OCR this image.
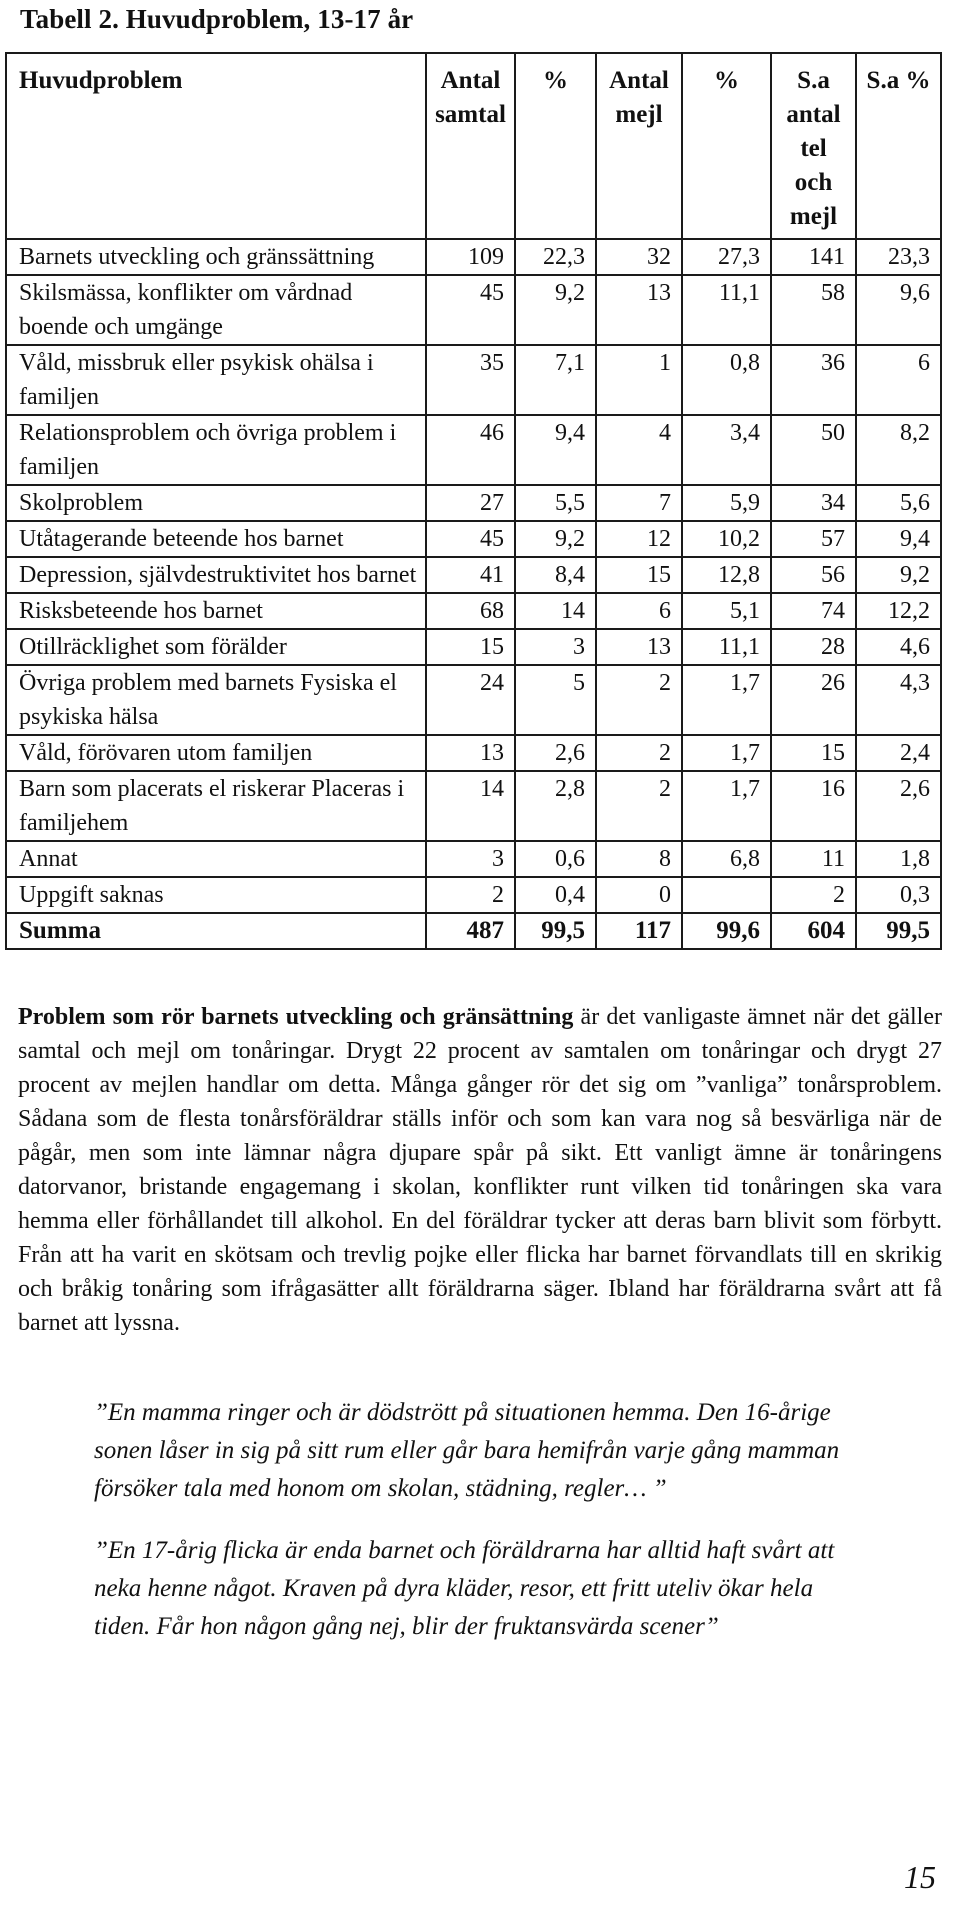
Tabell 2. Huvudproblem, 13-17 år
Huvudproblem	Antal samtal	%	Antal mejl	%	S.a antal tel och mejl	S.a %
Barnets utveckling och gränssättning	109	22,3	32	27,3	141	23,3
Skilsmässa, konflikter om vårdnad boende och umgänge	45	9,2	13	11,1	58	9,6
Våld, missbruk eller psykisk ohälsa i familjen	35	7,1	1	0,8	36	6
Relationsproblem och övriga problem i familjen	46	9,4	4	3,4	50	8,2
Skolproblem	27	5,5	7	5,9	34	5,6
Utåtagerande beteende hos barnet	45	9,2	12	10,2	57	9,4
Depression, självdestruktivitet hos barnet	41	8,4	15	12,8	56	9,2
Risksbeteende hos barnet	68	14	6	5,1	74	12,2
Otillräcklighet som förälder	15	3	13	11,1	28	4,6
Övriga problem med barnets Fysiska el psykiska hälsa	24	5	2	1,7	26	4,3
Våld, förövaren utom familjen	13	2,6	2	1,7	15	2,4
Barn som placerats el riskerar Placeras i familjehem	14	2,8	2	1,7	16	2,6
Annat	3	0,6	8	6,8	11	1,8
Uppgift saknas	2	0,4	0		2	0,3
Summa	487	99,5	117	99,6	604	99,5
Problem som rör barnets utveckling och gränsättning är det vanligaste ämnet när det gäller samtal och mejl om tonåringar. Drygt 22 procent av samtalen om tonåringar och drygt 27 procent av mejlen handlar om detta. Många gånger rör det sig om ”vanliga” tonårsproblem. Sådana som de flesta tonårsföräldrar ställs inför och som kan vara nog så besvärliga när de pågår, men som inte lämnar några djupare spår på sikt. Ett vanligt ämne är tonåringens datorvanor, bristande engagemang i skolan, konflikter runt vilken tid tonåringen ska vara hemma eller förhållandet till alkohol. En del föräldrar tycker att deras barn blivit som förbytt. Från att ha varit en skötsam och trevlig pojke eller flicka har barnet förvandlats till en skrikig och bråkig tonåring som ifrågasätter allt föräldrarna säger. Ibland har föräldrarna svårt att få barnet att lyssna.
”En mamma ringer och är dödstrött på situationen hemma. Den 16-årige sonen låser in sig på sitt rum eller går bara hemifrån varje gång mamman försöker tala med honom om skolan, städning, regler… ”
”En 17-årig flicka är enda barnet och föräldrarna har alltid haft svårt att neka henne något. Kraven på dyra kläder, resor, ett fritt uteliv ökar hela tiden. Får hon någon gång nej, blir der fruktansvärda scener”
15
